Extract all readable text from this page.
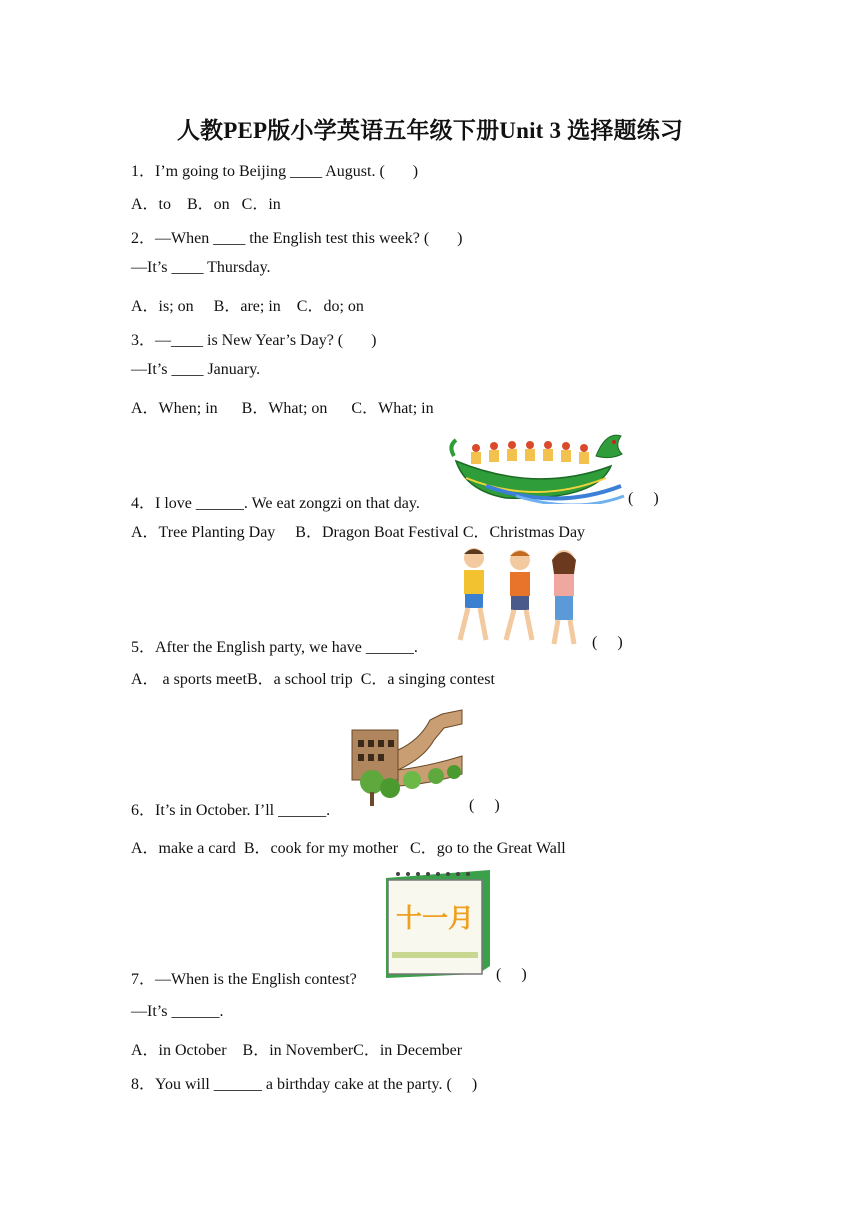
人教PEP版小学英语五年级下册Unit 3 选择题练习
1．I’m going to Beijing ____ August. (       )
A．to    B．on   C．in
2．—When ____ the English test this week? (       )
—It’s ____ Thursday.
A．is; on     B．are; in    C．do; on
3．—____ is New Year’s Day? (       )
—It’s ____ January.
A．When; in      B．What; on      C．What; in
4．I love ______. We eat zongzi on that day.	(     )
A．Tree Planting Day     B．Dragon Boat Festival C．Christmas Day
5．After the English party, we have ______.	(     )
A． a sports meetB．a school trip  C．a singing contest
6．It’s in October. I’ll ______.	(     )
A．make a card  B．cook for my mother   C．go to the Great Wall
十一月
7．—When is the English contest?	(     )
—It’s ______.
A．in October    B．in NovemberC．in December
8．You will ______ a birthday cake at the party. (     )
